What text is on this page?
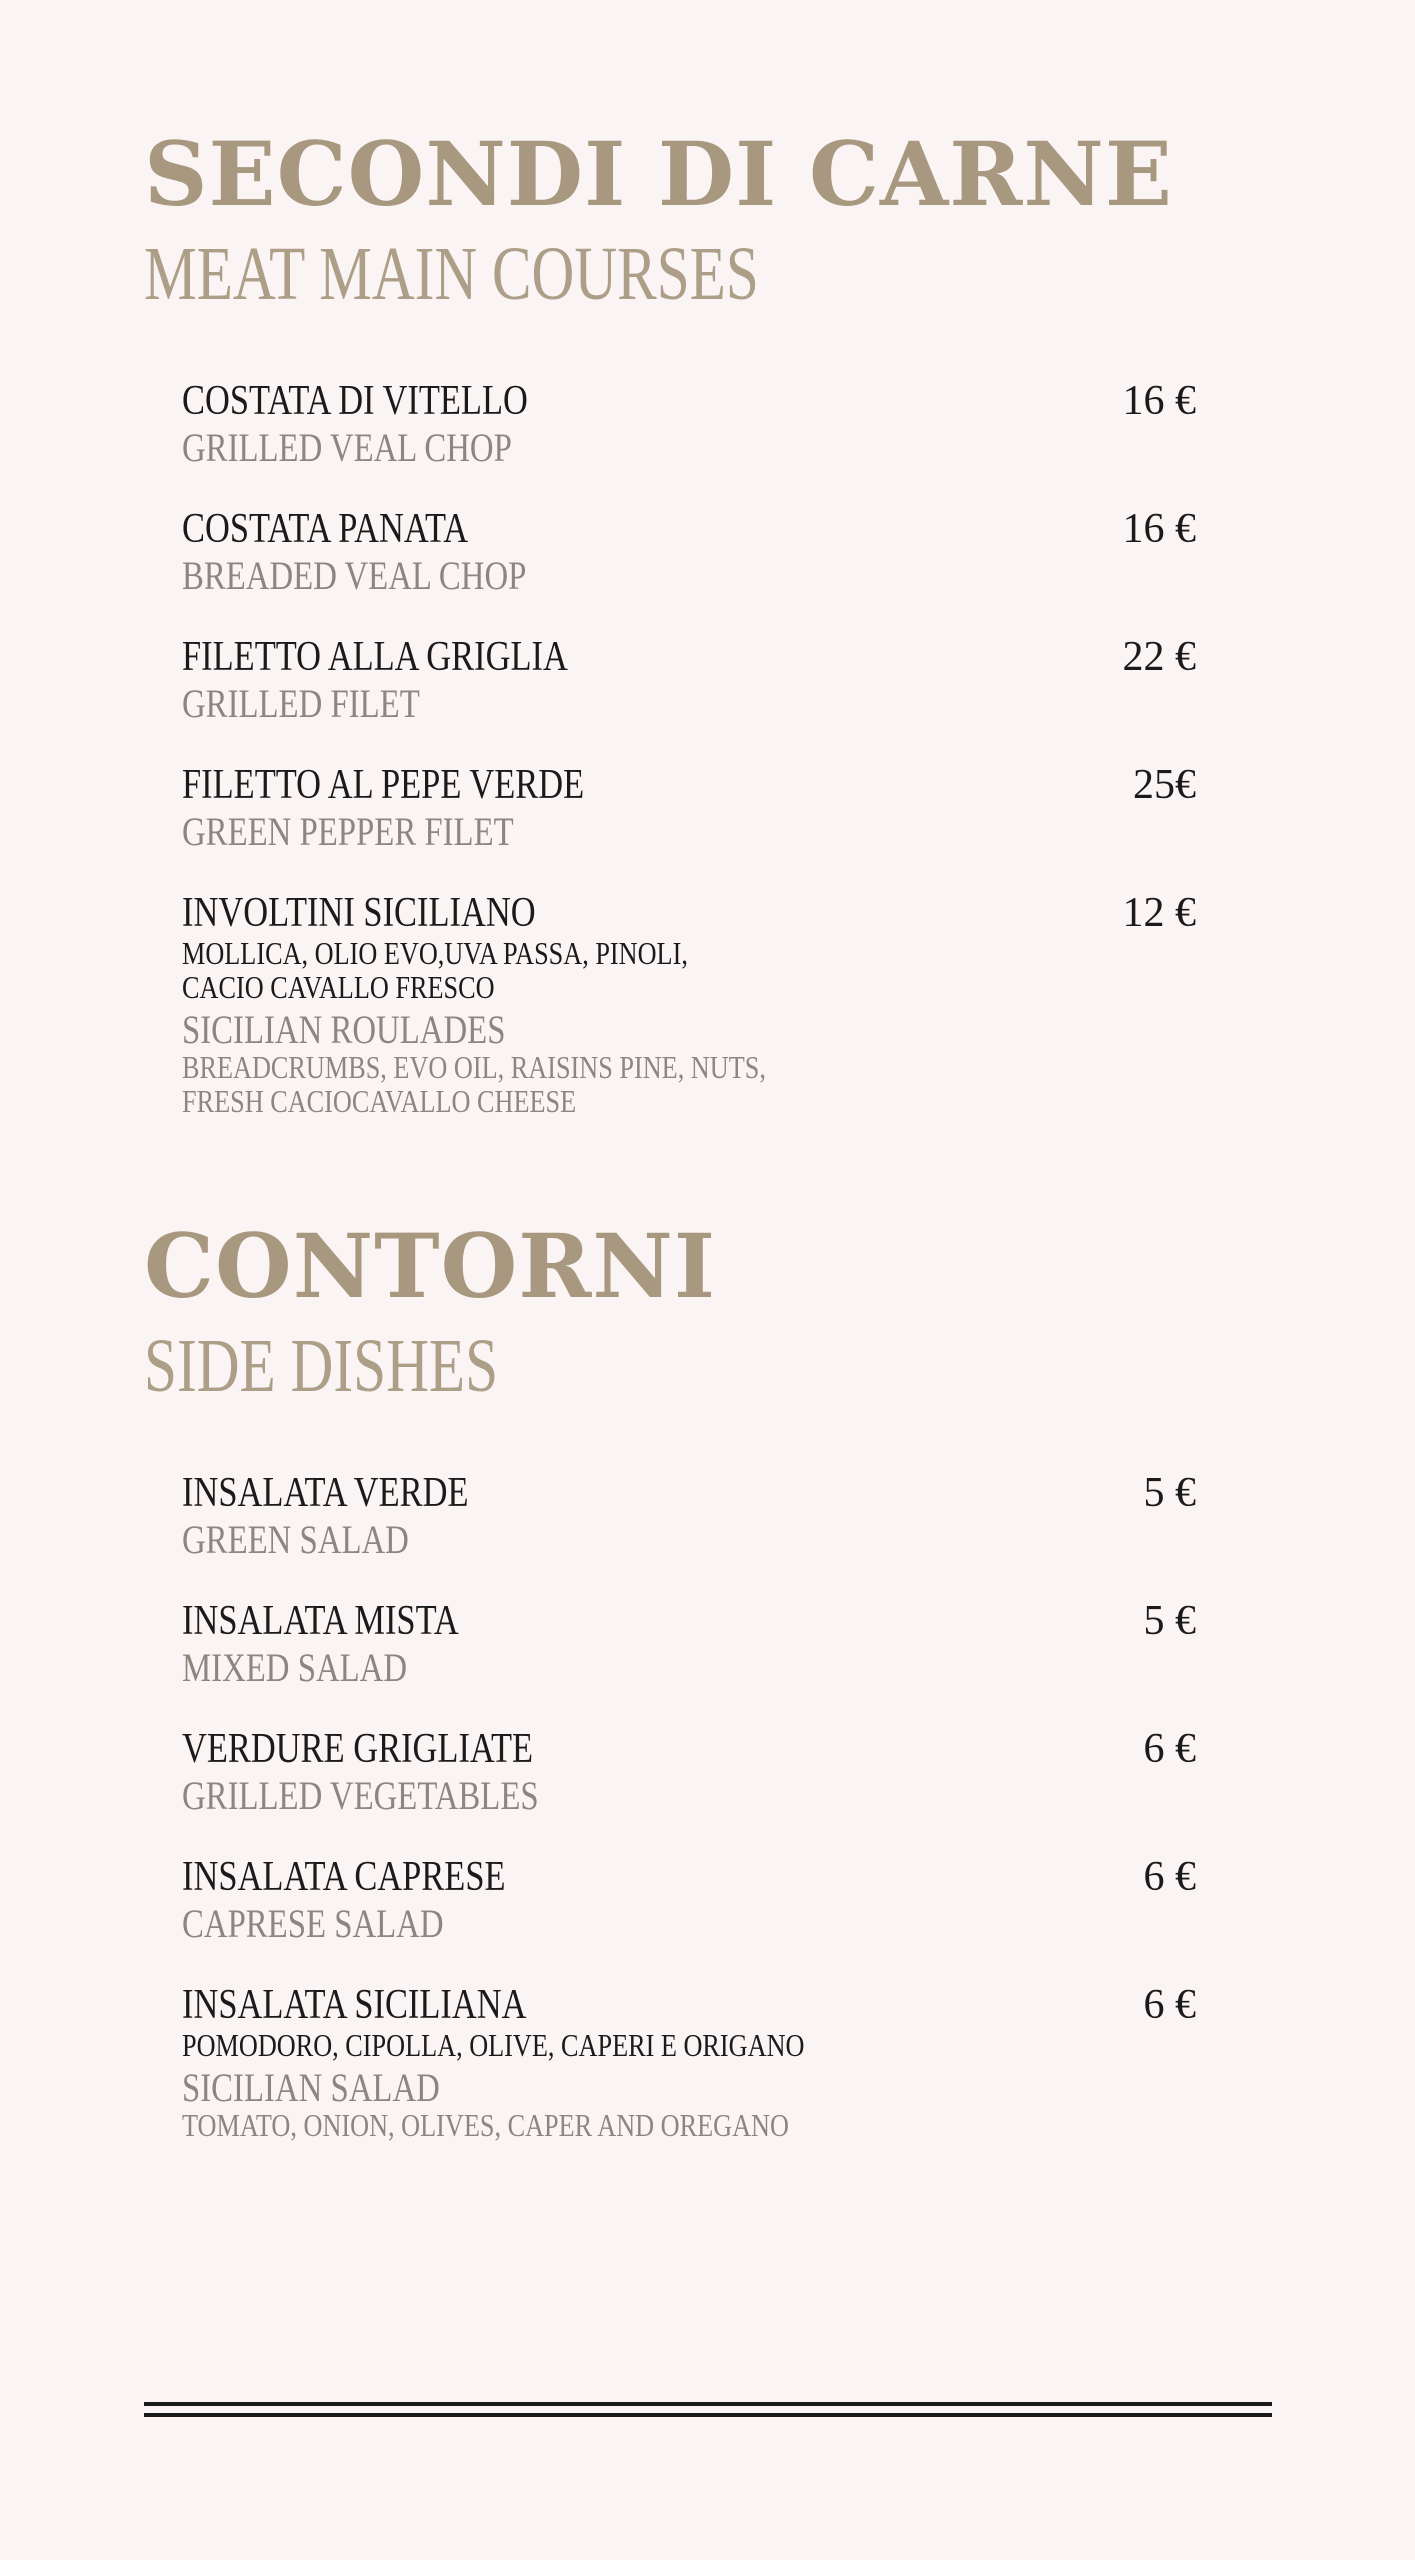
SECONDI DI CARNE
MEAT MAIN COURSES
COSTATA DI VITELLO
GRILLED VEAL CHOP
16 €
COSTATA PANATA
BREADED VEAL CHOP
16 €
FILETTO ALLA GRIGLIA
GRILLED FILET
22 €
FILETTO AL PEPE VERDE
GREEN PEPPER FILET
25€
INVOLTINI SICILIANO
MOLLICA, OLIO EVO,UVA PASSA, PINOLI,
CACIO CAVALLO FRESCO
SICILIAN ROULADES
BREADCRUMBS, EVO OIL, RAISINS PINE, NUTS,
FRESH CACIOCAVALLO CHEESE
12 €
CONTORNI
SIDE DISHES
INSALATA VERDE
GREEN SALAD
5 €
INSALATA MISTA
MIXED SALAD
5 €
VERDURE GRIGLIATE
GRILLED VEGETABLES
6 €
INSALATA CAPRESE
CAPRESE SALAD
6 €
INSALATA SICILIANA
POMODORO, CIPOLLA, OLIVE, CAPERI E ORIGANO
SICILIAN SALAD
TOMATO, ONION, OLIVES, CAPER AND OREGANO
6 €
